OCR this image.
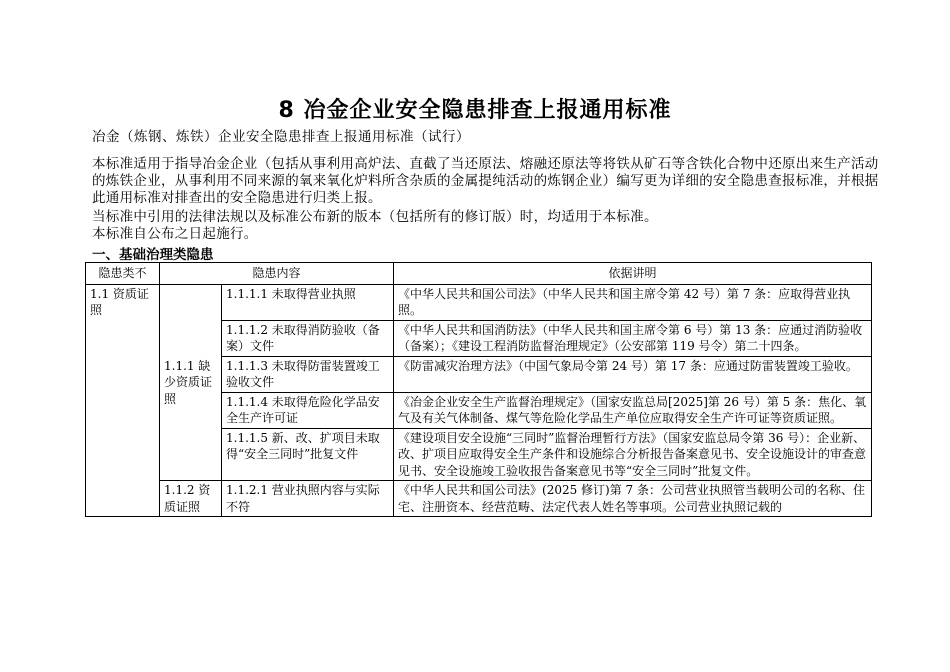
8 冶金企业安全隐患排查上报通用标准
冶金（炼钢、炼铁）企业安全隐患排查上报通用标准（试行）
本标准适用于指导冶金企业（包括从事利用高炉法、直截了当还原法、熔融还原法等将铁从矿石等含铁化合物中还原出来生产活动的炼铁企业，从事利用不同来源的氧来氧化炉料所含杂质的金属提纯活动的炼钢企业）编写更为详细的安全隐患查报标准，并根据此通用标准对排查出的安全隐患进行归类上报。
当标准中引用的法律法规以及标准公布新的版本（包括所有的修订版）时，均适用于本标准。
本标准自公布之日起施行。
一、基础治理类隐患
隐患类不	隐患内容		依据讲明
1.1 资质证照	1.1.1 缺少资质证照	1.1.1.1 未取得营业执照	《中华人民共和国公司法》（中华人民共和国主席令第 42 号）第 7 条：应取得营业执照。
		1.1.1.2 未取得消防验收（备案）文件	《中华人民共和国消防法》（中华人民共和国主席令第 6 号）第 13 条：应通过消防验收（备案）；《建设工程消防监督治理规定》（公安部第 119 号令）第二十四条。
		1.1.1.3 未取得防雷装置竣工验收文件	《防雷减灾治理方法》（中国气象局令第 24 号）第 17 条：应通过防雷装置竣工验收。
		1.1.1.4 未取得危险化学品安全生产许可证	《冶金企业安全生产监督治理规定》（国家安监总局[2025]第 26 号）第 5 条：焦化、氧气及有关气体制备、煤气等危险化学品生产单位应取得安全生产许可证等资质证照。
		1.1.1.5 新、改、扩项目未取得“安全三同时”批复文件	《建设项目安全设施“三同时”监督治理暂行方法》（国家安监总局令第 36 号）：企业新、改、扩项目应取得安全生产条件和设施综合分析报告备案意见书、安全设施设计的审查意见书、安全设施竣工验收报告备案意见书等“安全三同时”批复文件。
	1.1.2 资质证照	1.1.2.1 营业执照内容与实际不符	《中华人民共和国公司法》(2025 修订)第 7 条：公司营业执照管当载明公司的名称、住宅、注册资本、经营范畴、法定代表人姓名等事项。公司营业执照记载的
